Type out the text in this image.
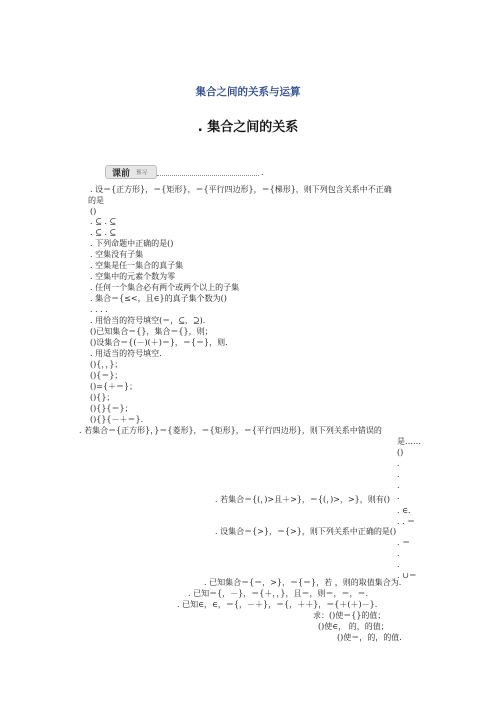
集合之间的关系与运算
. 集合之间的关系
课前 预习	.
. 设＝{正方形}，＝{矩形}，＝{平行四边形}，＝{梯形}，则下列包含关系中不正确
的是
()
. ⊆ . ⊆
. ⊆ . ⊆
. 下列命题中正确的是()
. 空集没有子集
. 空集是任一集合的真子集
. 空集中的元素个数为零
. 任何一个集合必有两个或两个以上的子集
. 集合＝{≤<，且∈}的真子集个数为()
. . . .
. 用恰当的符号填空(＝，⊆，⊇).
()已知集合＝{}，集合＝{}，则；
()设集合＝{(－)(＋)＝}，＝{＝}，则.
. 用适当的符号填空.
(){，，}；
(){＝}；
()={＋＝}；
(){}；
(){}{＝}；
(){}{－＋＝}.
. 若集合＝{正方形}，}＝{菱形}，＝{矩形}，＝{平行四边形}，则下列关系中错误的
是……
()
.
.
.
.
. 若集合＝{(，)>且＋>}，＝{(，)>，>}，则有()
. ∈.
. . ＝
. 设集合＝{>}，＝{>}，则下列关系中正确的是()
. ＝
.
.
. ∪＝
. 已知集合＝{＝，>}，＝{＝}，若 ，则的取值集合为.
. 已知＝{，－}，＝{＋，，}，且＝，则＝，＝，＝.
. 已知∈，∈，＝{，－＋}，＝{，＋＋}，＝{＋(＋)－}.
求：()使＝{}的值；
()使∈， 的，的值；
()使＝，的，的值.
